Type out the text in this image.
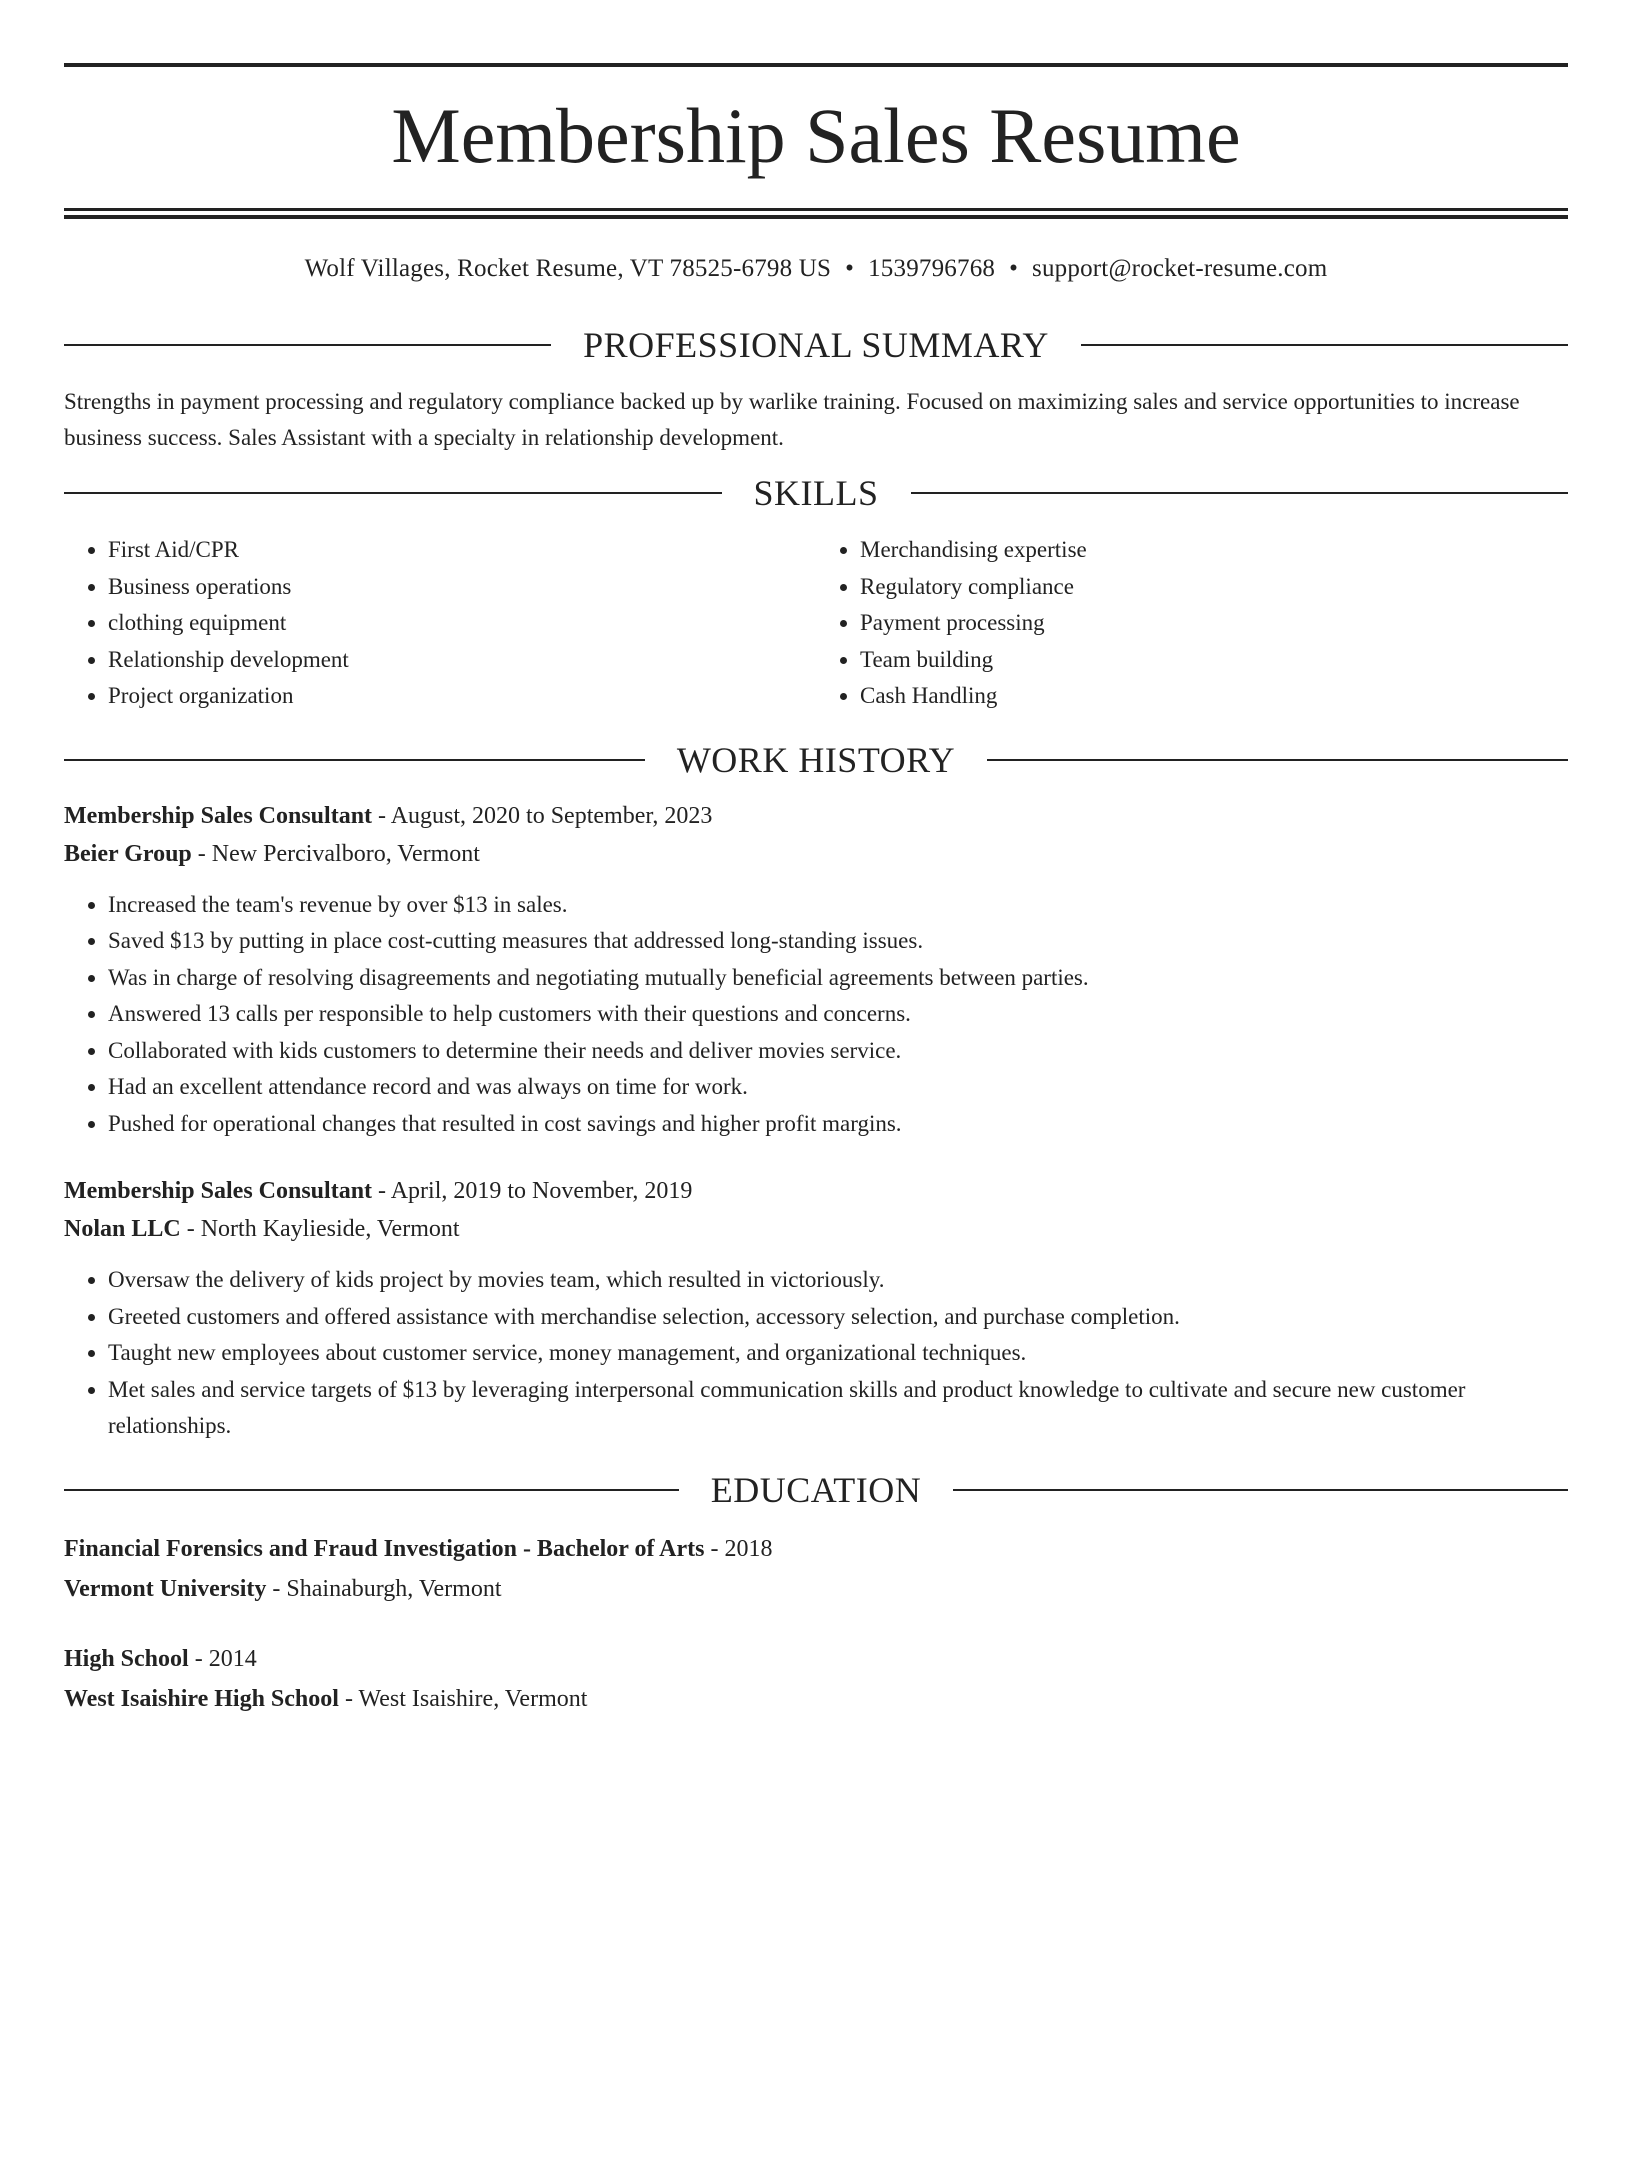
Membership Sales Resume
Wolf Villages, Rocket Resume, VT 78525-6798 US • 1539796768 • support@rocket-resume.com
PROFESSIONAL SUMMARY

Strengths in payment processing and regulatory compliance backed up by warlike training. Focused on maximizing sales and service opportunities to increase business success. Sales Assistant with a specialty in relationship development.

SKILLS
• First Aid/CPR
• Business operations
• clothing equipment
• Relationship development
• Project organization
• Merchandising expertise
• Regulatory compliance
• Payment processing
• Team building
• Cash Handling
WORK HISTORY
Membership Sales Consultant - August, 2020 to September, 2023
Beier Group - New Percivalboro, Vermont
• Increased the team's revenue by over $13 in sales.
• Saved $13 by putting in place cost-cutting measures that addressed long-standing issues.
• Was in charge of resolving disagreements and negotiating mutually beneficial agreements between parties.
• Answered 13 calls per responsible to help customers with their questions and concerns.
• Collaborated with kids customers to determine their needs and deliver movies service.
• Had an excellent attendance record and was always on time for work.
• Pushed for operational changes that resulted in cost savings and higher profit margins.
Membership Sales Consultant - April, 2019 to November, 2019
Nolan LLC - North Kaylieside, Vermont
• Oversaw the delivery of kids project by movies team, which resulted in victoriously.
• Greeted customers and offered assistance with merchandise selection, accessory selection, and purchase completion.
• Taught new employees about customer service, money management, and organizational techniques.
• Met sales and service targets of $13 by leveraging interpersonal communication skills and product knowledge to cultivate and secure new customer relationships.
EDUCATION
Financial Forensics and Fraud Investigation - Bachelor of Arts - 2018
Vermont University - Shainaburgh, Vermont
High School - 2014
West Isaishire High School - West Isaishire, Vermont
